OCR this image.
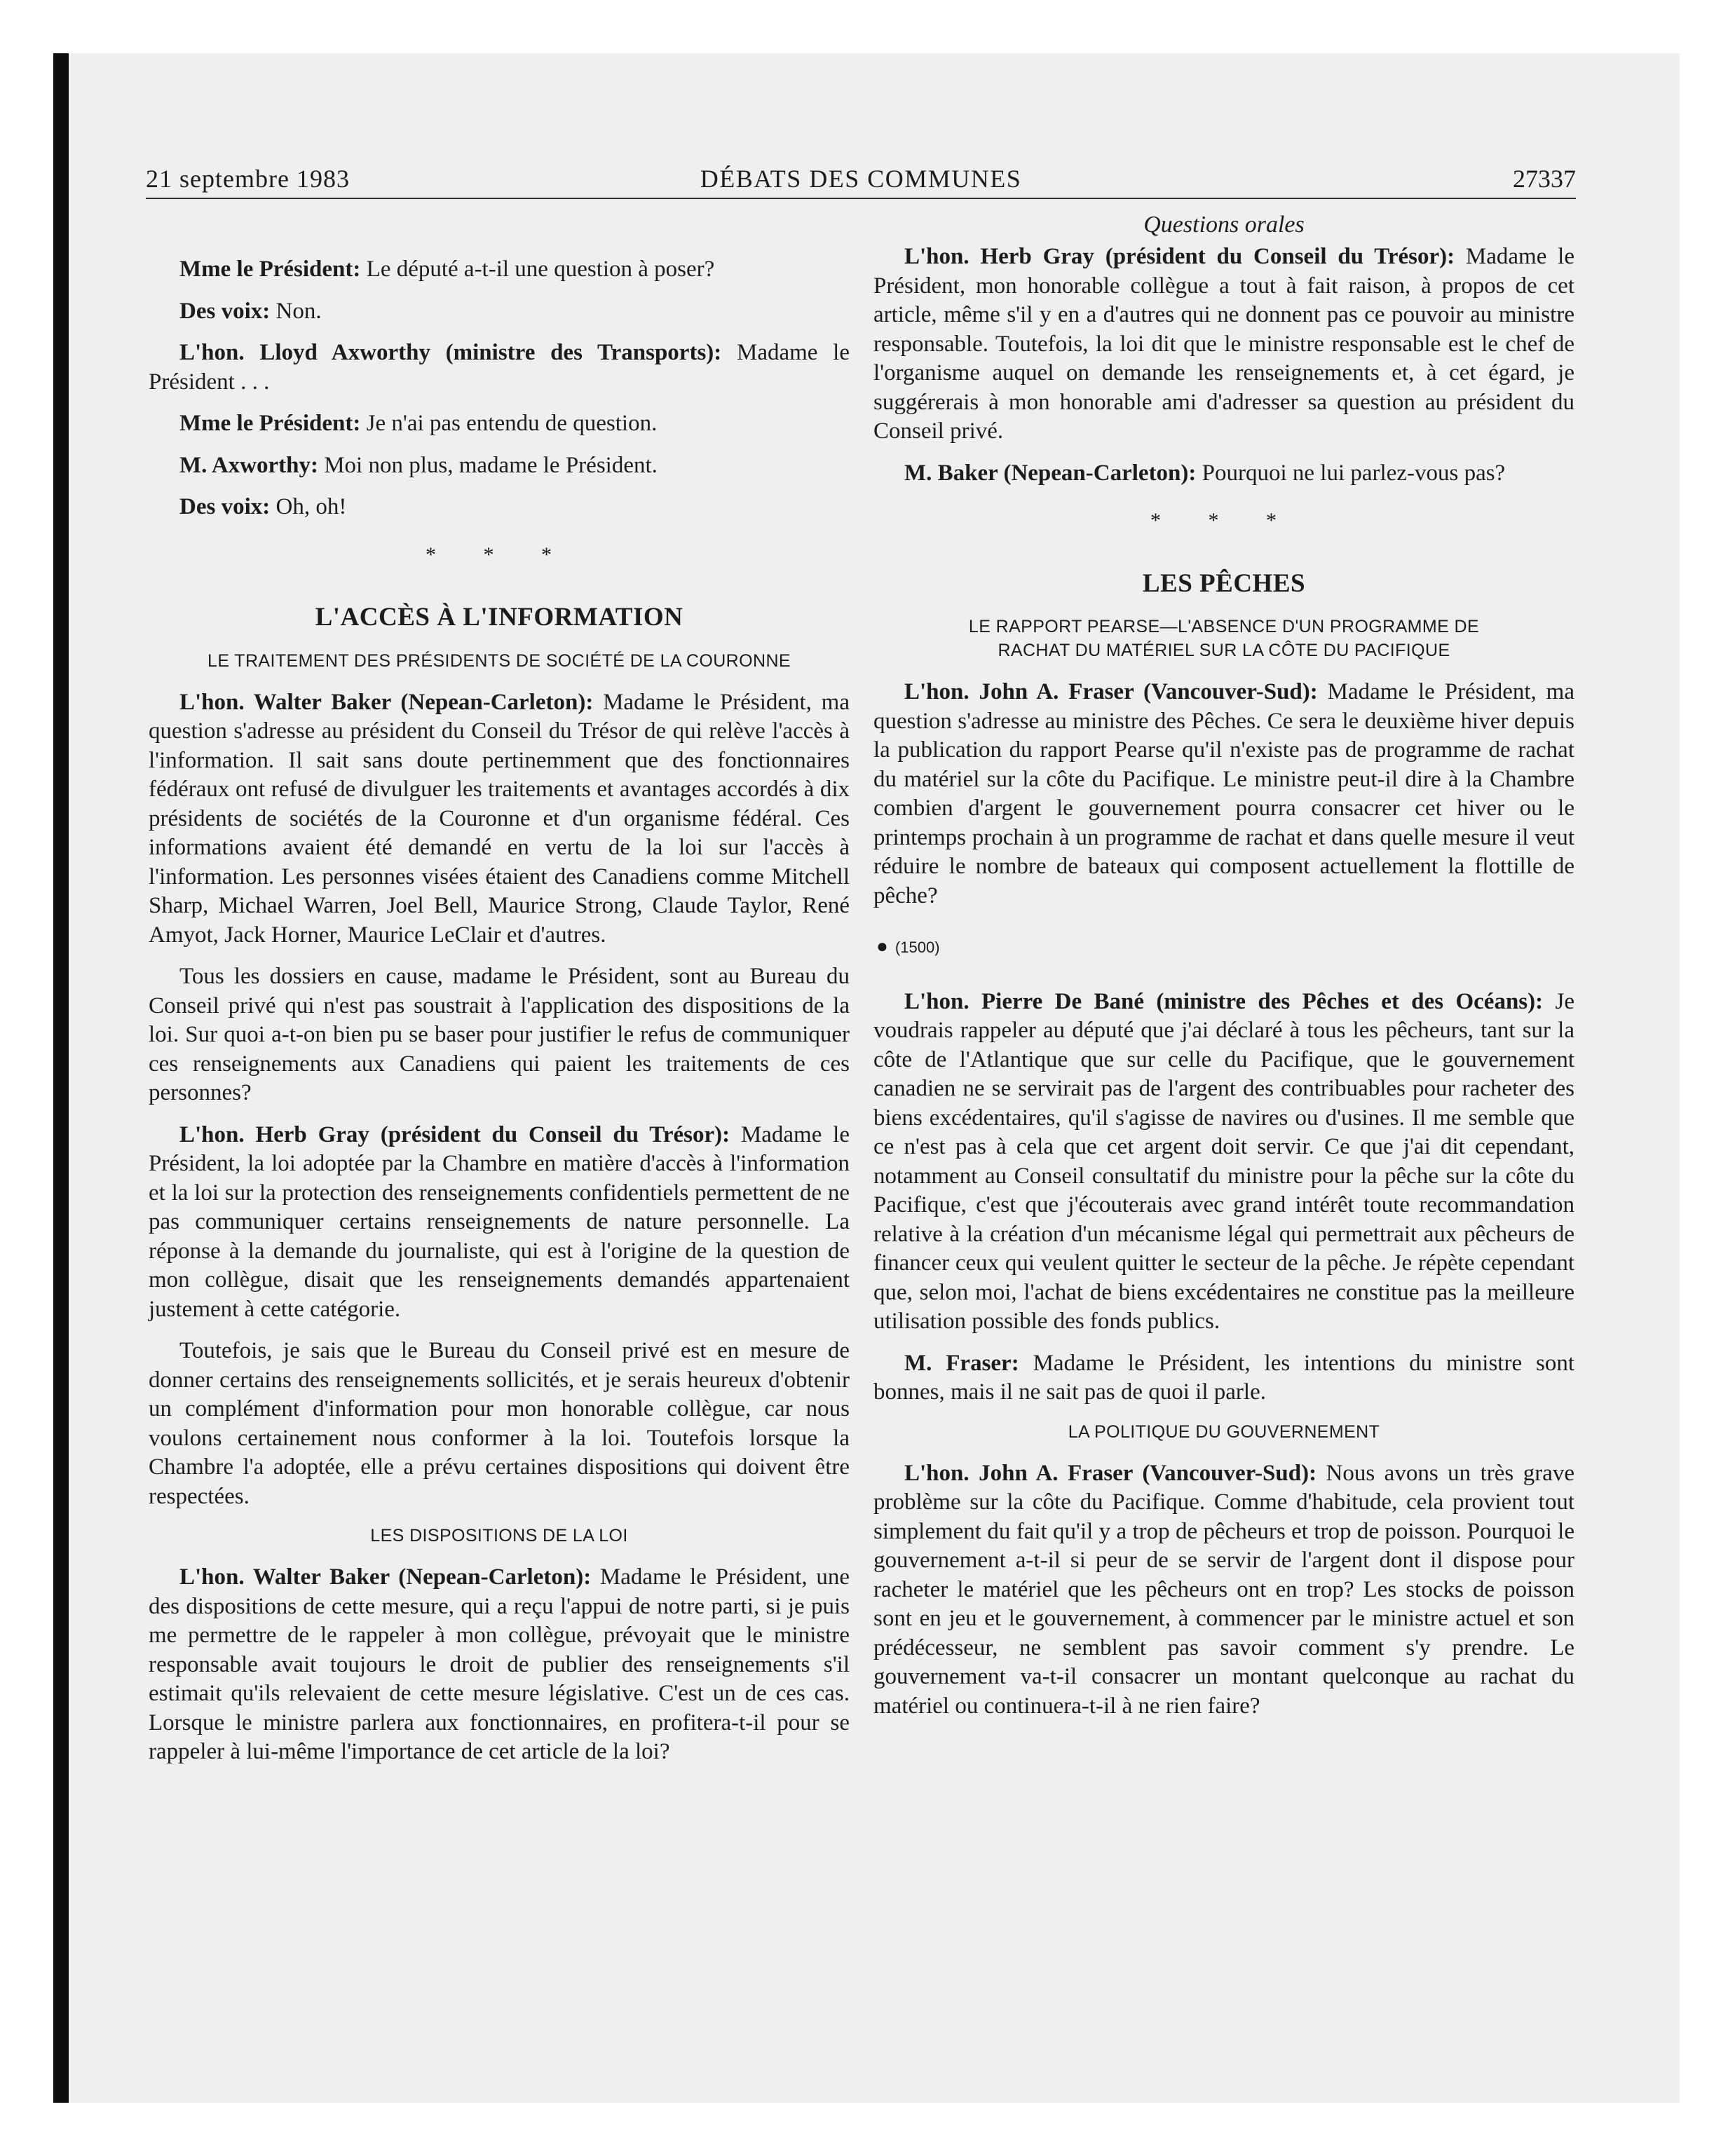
21 septembre 1983	DÉBATS DES COMMUNES	27337

Mme le Président: Le député a-t-il une question à poser?

Des voix: Non.

L'hon. Lloyd Axworthy (ministre des Transports): Madame le Président . . .

Mme le Président: Je n'ai pas entendu de question.

M. Axworthy: Moi non plus, madame le Président.

Des voix: Oh, oh!

* * *
L'ACCÈS À L'INFORMATION
LE TRAITEMENT DES PRÉSIDENTS DE SOCIÉTÉ DE LA COURONNE

L'hon. Walter Baker (Nepean-Carleton): Madame le Président, ma question s'adresse au président du Conseil du Trésor de qui relève l'accès à l'information. Il sait sans doute pertinemment que des fonctionnaires fédéraux ont refusé de divulguer les traitements et avantages accordés à dix présidents de sociétés de la Couronne et d'un organisme fédéral. Ces informations avaient été demandé en vertu de la loi sur l'accès à l'information. Les personnes visées étaient des Canadiens comme Mitchell Sharp, Michael Warren, Joel Bell, Maurice Strong, Claude Taylor, René Amyot, Jack Horner, Maurice LeClair et d'autres.

Tous les dossiers en cause, madame le Président, sont au Bureau du Conseil privé qui n'est pas soustrait à l'application des dispositions de la loi. Sur quoi a-t-on bien pu se baser pour justifier le refus de communiquer ces renseignements aux Canadiens qui paient les traitements de ces personnes?

L'hon. Herb Gray (président du Conseil du Trésor): Madame le Président, la loi adoptée par la Chambre en matière d'accès à l'information et la loi sur la protection des renseignements confidentiels permettent de ne pas communiquer certains renseignements de nature personnelle. La réponse à la demande du journaliste, qui est à l'origine de la question de mon collègue, disait que les renseignements demandés appartenaient justement à cette catégorie.

Toutefois, je sais que le Bureau du Conseil privé est en mesure de donner certains des renseignements sollicités, et je serais heureux d'obtenir un complément d'information pour mon honorable collègue, car nous voulons certainement nous conformer à la loi. Toutefois lorsque la Chambre l'a adoptée, elle a prévu certaines dispositions qui doivent être respectées.

LES DISPOSITIONS DE LA LOI

L'hon. Walter Baker (Nepean-Carleton): Madame le Président, une des dispositions de cette mesure, qui a reçu l'appui de notre parti, si je puis me permettre de le rappeler à mon collègue, prévoyait que le ministre responsable avait toujours le droit de publier des renseignements s'il estimait qu'ils relevaient de cette mesure législative. C'est un de ces cas. Lorsque le ministre parlera aux fonctionnaires, en profitera-t-il pour se rappeler à lui-même l'importance de cet article de la loi?

Questions orales

L'hon. Herb Gray (président du Conseil du Trésor): Madame le Président, mon honorable collègue a tout à fait raison, à propos de cet article, même s'il y en a d'autres qui ne donnent pas ce pouvoir au ministre responsable. Toutefois, la loi dit que le ministre responsable est le chef de l'organisme auquel on demande les renseignements et, à cet égard, je suggérerais à mon honorable ami d'adresser sa question au président du Conseil privé.

M. Baker (Nepean-Carleton): Pourquoi ne lui parlez-vous pas?

* * *
LES PÊCHES
LE RAPPORT PEARSE—L'ABSENCE D'UN PROGRAMME DE
RACHAT DU MATÉRIEL SUR LA CÔTE DU PACIFIQUE

L'hon. John A. Fraser (Vancouver-Sud): Madame le Président, ma question s'adresse au ministre des Pêches. Ce sera le deuxième hiver depuis la publication du rapport Pearse qu'il n'existe pas de programme de rachat du matériel sur la côte du Pacifique. Le ministre peut-il dire à la Chambre combien d'argent le gouvernement pourra consacrer cet hiver ou le printemps prochain à un programme de rachat et dans quelle mesure il veut réduire le nombre de bateaux qui composent actuellement la flottille de pêche?

● (1500)

L'hon. Pierre De Bané (ministre des Pêches et des Océans): Je voudrais rappeler au député que j'ai déclaré à tous les pêcheurs, tant sur la côte de l'Atlantique que sur celle du Pacifique, que le gouvernement canadien ne se servirait pas de l'argent des contribuables pour racheter des biens excédentaires, qu'il s'agisse de navires ou d'usines. Il me semble que ce n'est pas à cela que cet argent doit servir. Ce que j'ai dit cependant, notamment au Conseil consultatif du ministre pour la pêche sur la côte du Pacifique, c'est que j'écouterais avec grand intérêt toute recommandation relative à la création d'un mécanisme légal qui permettrait aux pêcheurs de financer ceux qui veulent quitter le secteur de la pêche. Je répète cependant que, selon moi, l'achat de biens excédentaires ne constitue pas la meilleure utilisation possible des fonds publics.

M. Fraser: Madame le Président, les intentions du ministre sont bonnes, mais il ne sait pas de quoi il parle.

LA POLITIQUE DU GOUVERNEMENT

L'hon. John A. Fraser (Vancouver-Sud): Nous avons un très grave problème sur la côte du Pacifique. Comme d'habitude, cela provient tout simplement du fait qu'il y a trop de pêcheurs et trop de poisson. Pourquoi le gouvernement a-t-il si peur de se servir de l'argent dont il dispose pour racheter le matériel que les pêcheurs ont en trop? Les stocks de poisson sont en jeu et le gouvernement, à commencer par le ministre actuel et son prédécesseur, ne semblent pas savoir comment s'y prendre. Le gouvernement va-t-il consacrer un montant quelconque au rachat du matériel ou continuera-t-il à ne rien faire?
